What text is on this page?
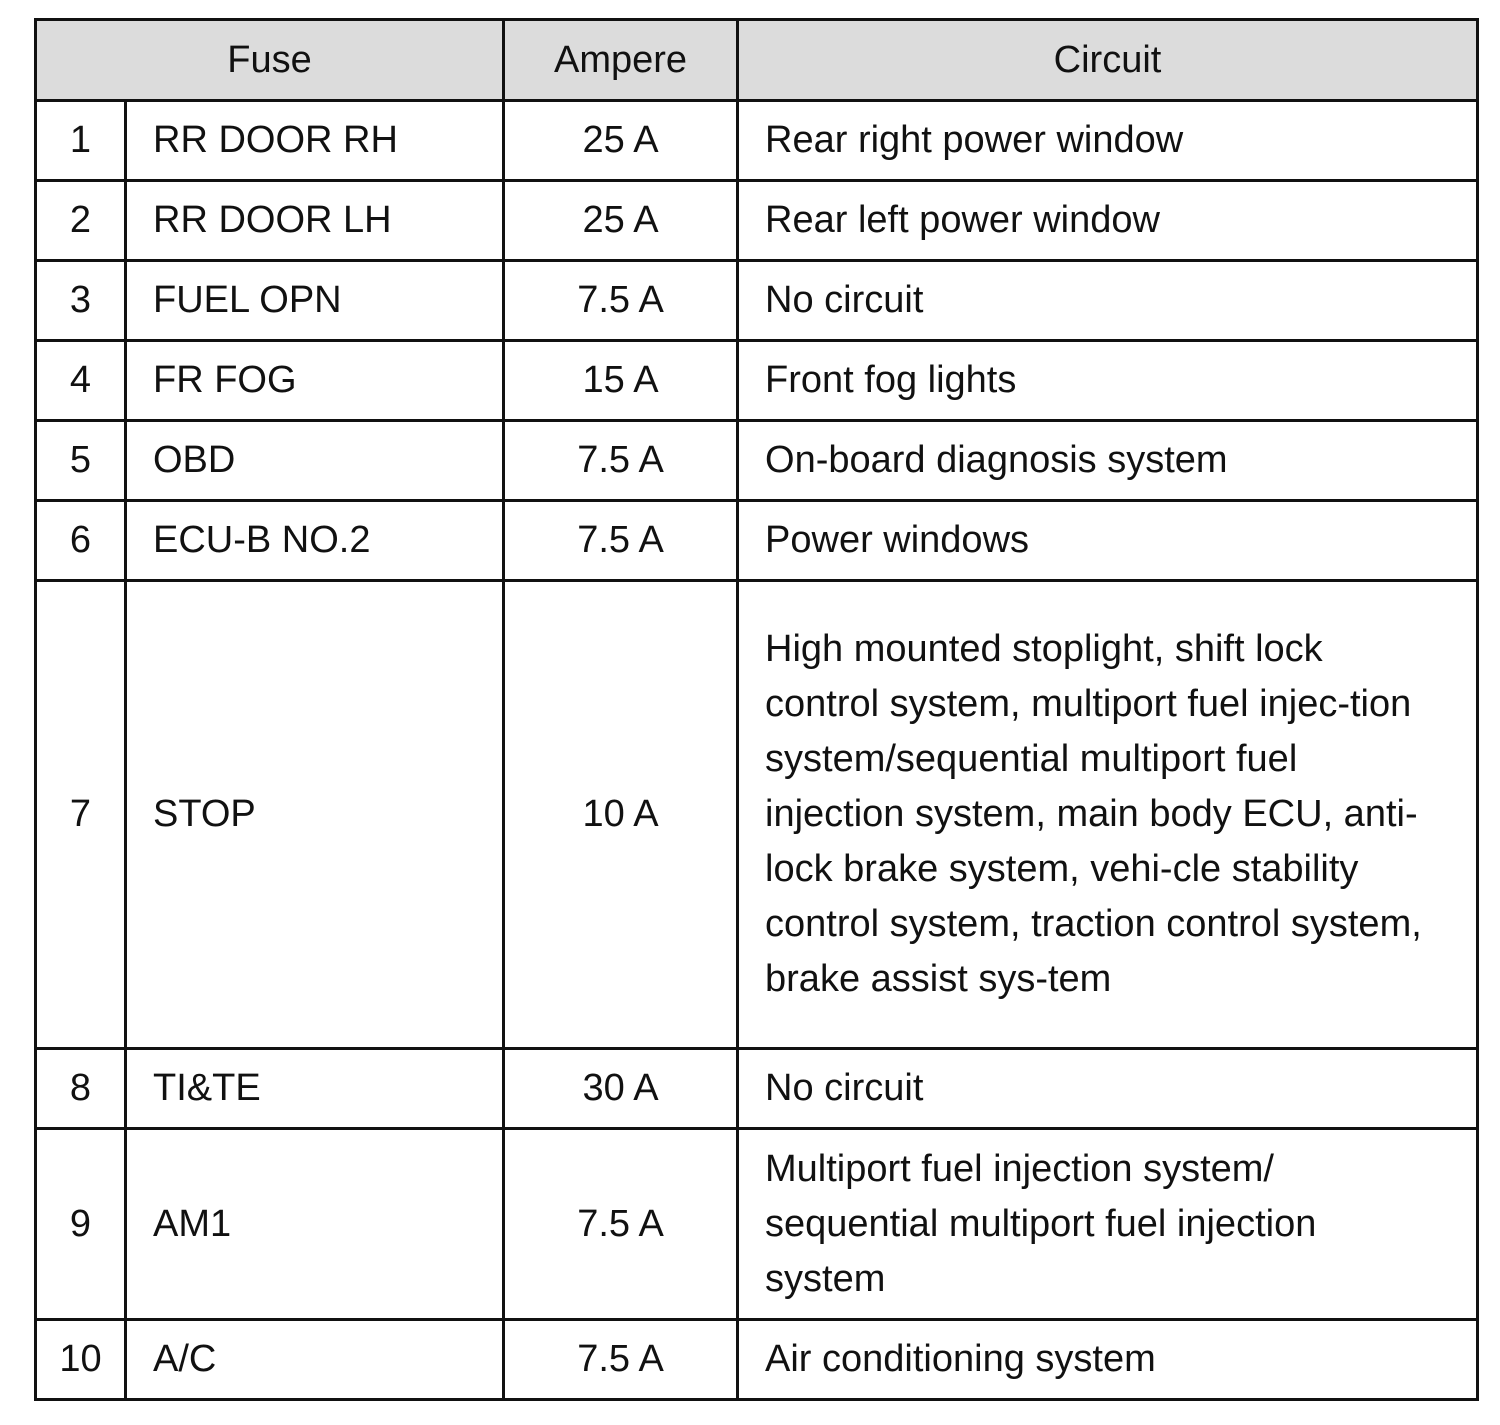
Fuse		Ampere	Circuit
1	RR DOOR RH	25 A	Rear right power window
2	RR DOOR LH	25 A	Rear left power window
3	FUEL OPN	7.5 A	No circuit
4	FR FOG	15 A	Front fog lights
5	OBD	7.5 A	On-board diagnosis system
6	ECU-B NO.2	7.5 A	Power windows
7	STOP	10 A	High mounted stoplight, shift lock control system, multiport fuel injec-tion system/sequential multiport fuel injection system, main body ECU, anti-lock brake system, vehi-cle stability control system, traction control system, brake assist sys-tem
8	TI&TE	30 A	No circuit
9	AM1	7.5 A	Multiport fuel injection system/ sequential multiport fuel injection system
10	A/C	7.5 A	Air conditioning system
